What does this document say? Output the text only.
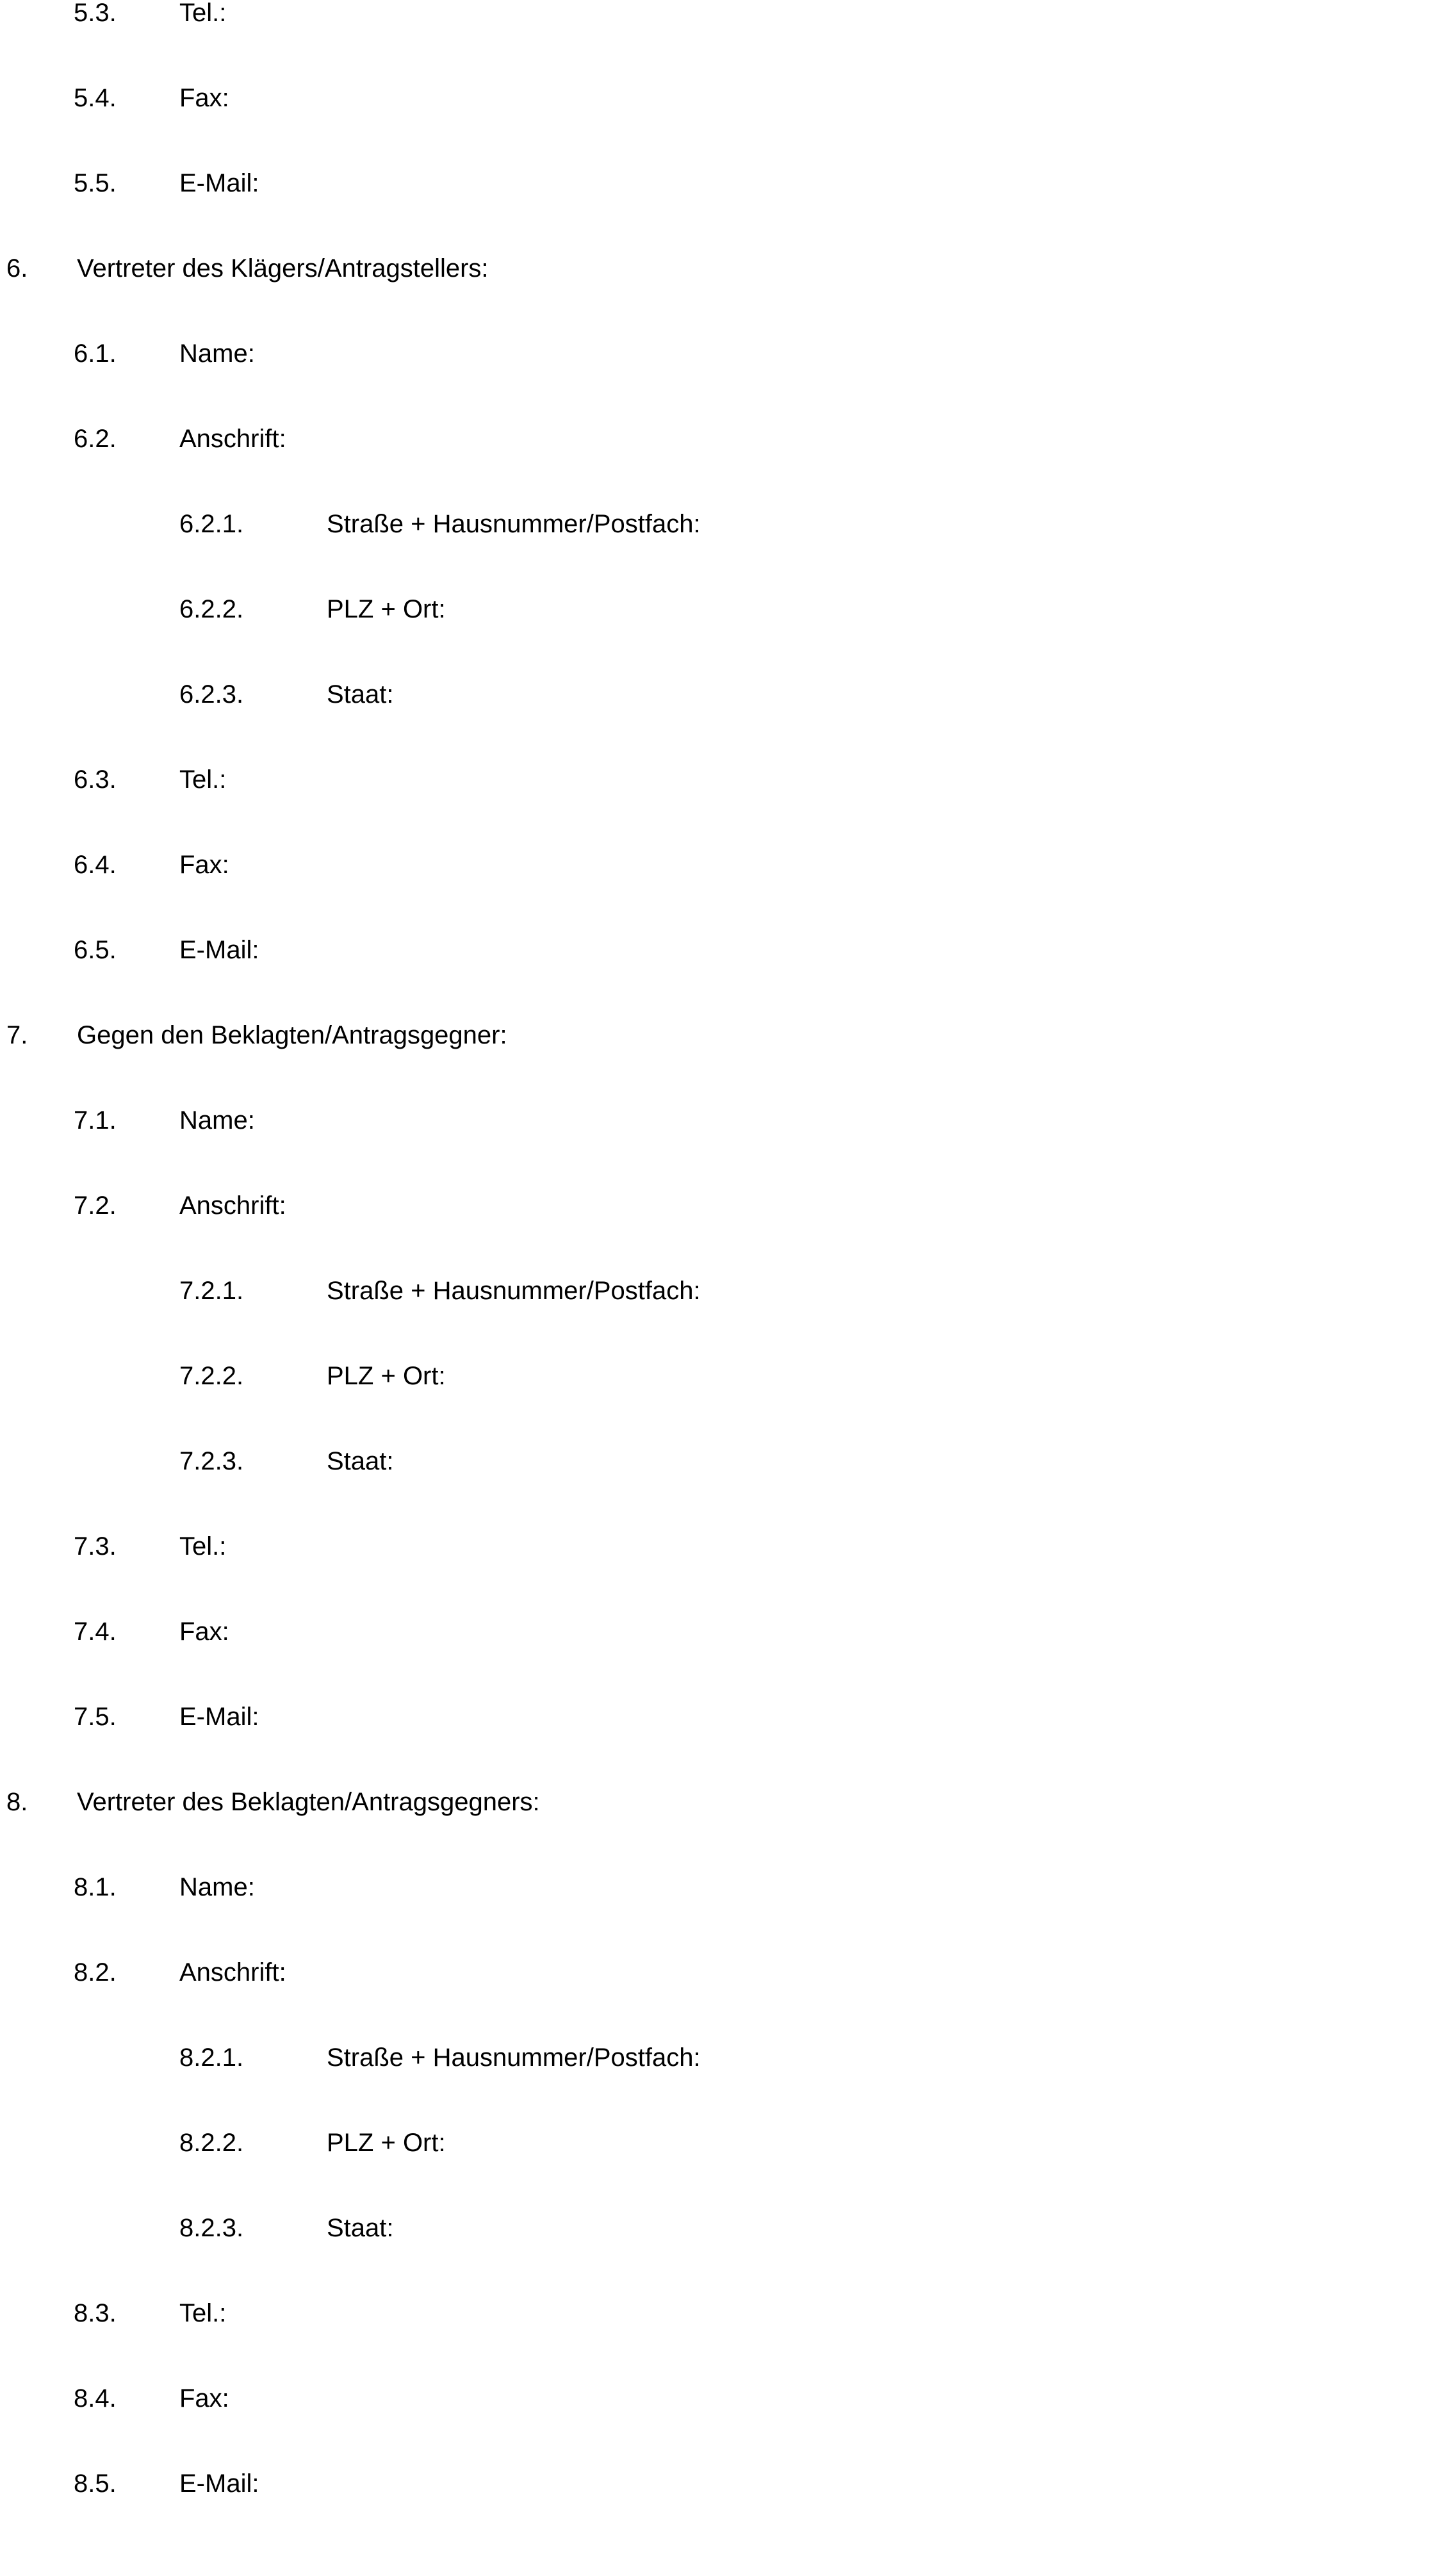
5.3.	Tel.:
5.4.	Fax:
5.5.	E-Mail:
6.	Vertreter des Klägers/Antragstellers:
6.1.	Name:
6.2.	Anschrift:
6.2.1.	Straße + Hausnummer/Postfach:
6.2.2.	PLZ + Ort:
6.2.3.	Staat:
6.3.	Tel.:
6.4.	Fax:
6.5.	E-Mail:
7.	Gegen den Beklagten/Antragsgegner:
7.1.	Name:
7.2.	Anschrift:
7.2.1.	Straße + Hausnummer/Postfach:
7.2.2.	PLZ + Ort:
7.2.3.	Staat:
7.3.	Tel.:
7.4.	Fax:
7.5.	E-Mail:
8.	Vertreter des Beklagten/Antragsgegners:
8.1.	Name:
8.2.	Anschrift:
8.2.1.	Straße + Hausnummer/Postfach:
8.2.2.	PLZ + Ort:
8.2.3.	Staat:
8.3.	Tel.:
8.4.	Fax:
8.5.	E-Mail:
